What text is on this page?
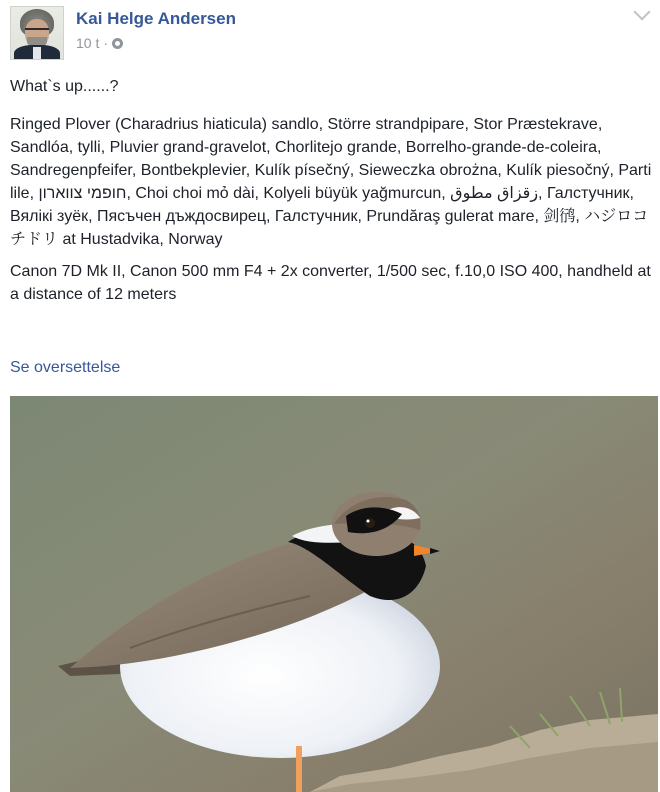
Kai Helge Andersen
10 t ·

What`s up......?

Ringed Plover (Charadrius hiaticula) sandlo, Större strandpipare, Stor Præstekrave, Sandlóa, tylli, Pluvier grand-gravelot, Chorlitejo grande, Borrelho-grande-de-coleira, Sandregenpfeifer, Bontbekplevier, Kulík písečný, Sieweczka obrożna, Kulík piesočný, Parti lile, חופמי צווארון, Choi choi mỏ dài, Kolyeli büyük yağmurcun, زقزاق مطوق, Галстучник, Вялікі зуёк, Пясъчен дъждосвирец, Галстучник, Prundăraş gulerat mare, 剑鸻, ハジロコチドリ at Hustadvika, Norway

Canon 7D Mk II, Canon 500 mm F4 + 2x converter, 1/500 sec, f.10,0 ISO 400, handheld at a distance of 12 meters

Se oversettelse
